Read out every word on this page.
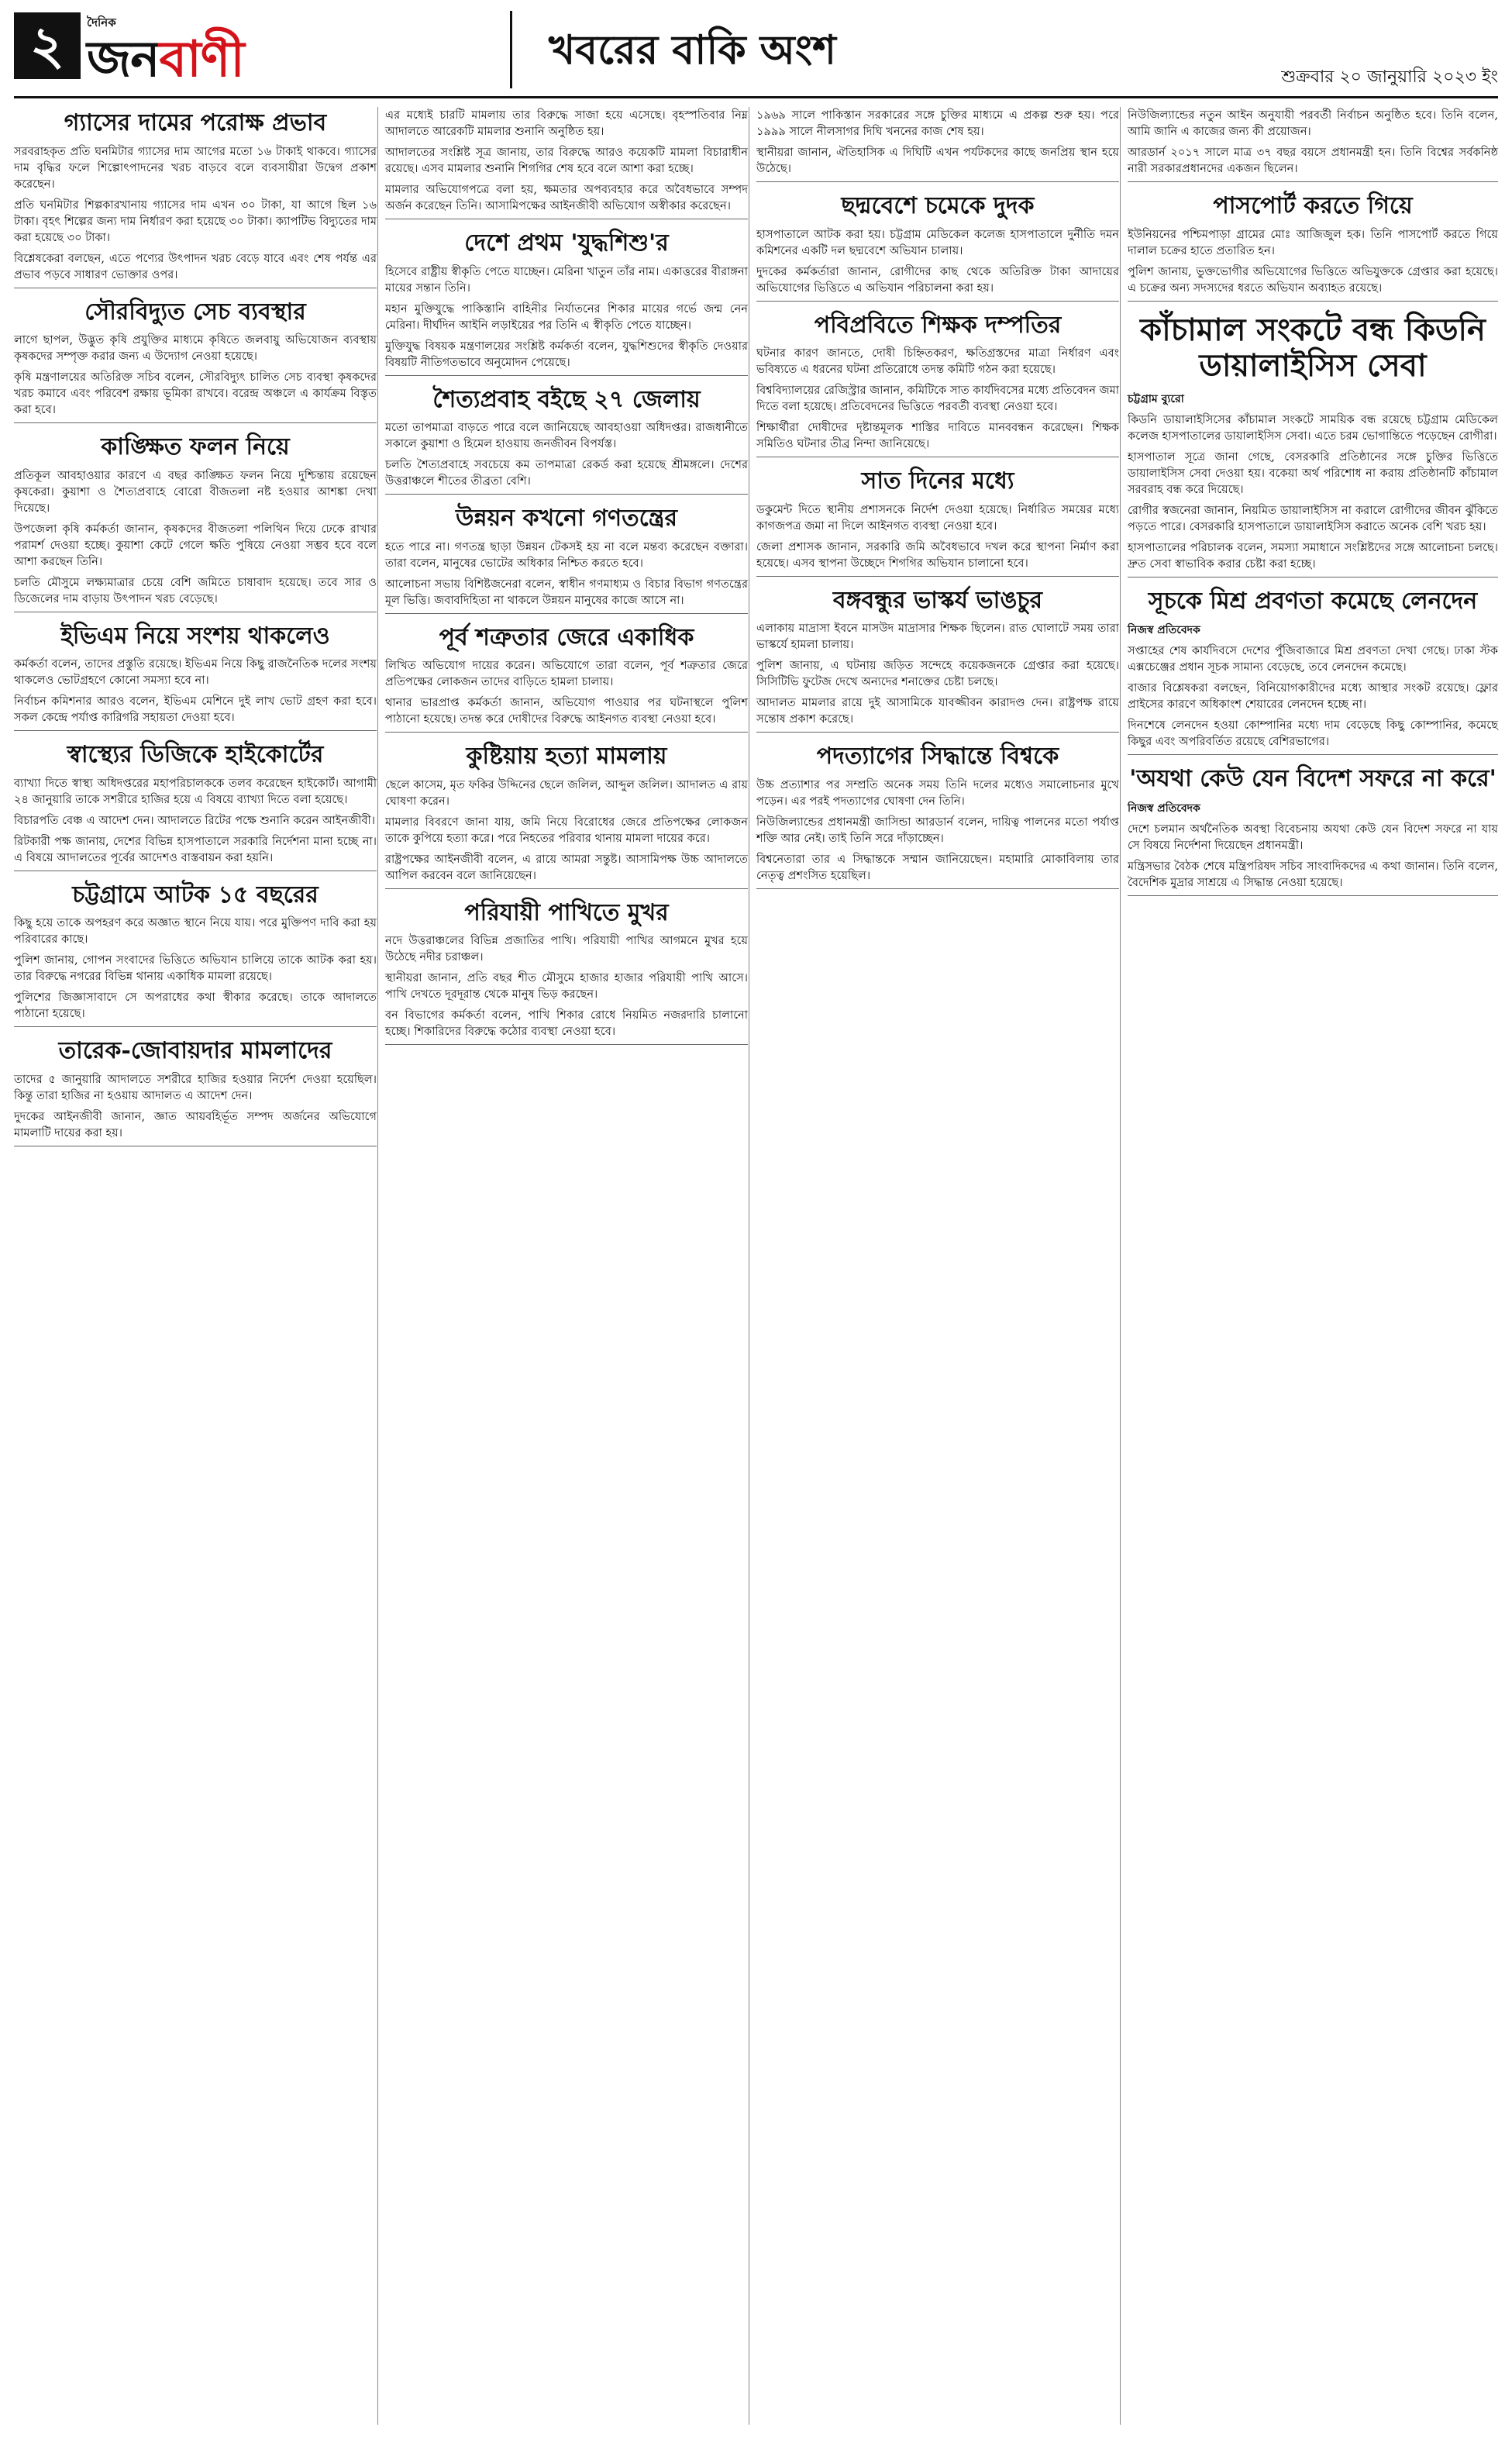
২	দৈনিক
জনবাণী	খবরের বাকি অংশ
শুক্রবার ২০ জানুয়ারি ২০২৩ ইং
গ্যাসের দামের পরোক্ষ প্রভাব

সরবরাহকৃত প্রতি ঘনমিটার গ্যাসের দাম আগের মতো ১৬ টাকাই থাকবে। গ্যাসের দাম বৃদ্ধির ফলে শিল্পোৎপাদনের খরচ বাড়বে বলে ব্যবসায়ীরা উদ্বেগ প্রকাশ করেছেন।

প্রতি ঘনমিটার শিল্পকারখানায় গ্যাসের দাম এখন ৩০ টাকা, যা আগে ছিল ১৬ টাকা। বৃহৎ শিল্পের জন্য দাম নির্ধারণ করা হয়েছে ৩০ টাকা। ক্যাপটিভ বিদ্যুতের দাম করা হয়েছে ৩০ টাকা।

বিশ্লেষকেরা বলছেন, এতে পণ্যের উৎপাদন খরচ বেড়ে যাবে এবং শেষ পর্যন্ত এর প্রভাব পড়বে সাধারণ ভোক্তার ওপর।

সৌরবিদ্যুত সেচ ব্যবস্থার

লাগে ছাপল, উদ্ভুত কৃষি প্রযুক্তির মাধ্যমে কৃষিতে জলবায়ু অভিযোজন ব্যবস্থায় কৃষকদের সম্পৃক্ত করার জন্য এ উদ্যোগ নেওয়া হয়েছে।

কৃষি মন্ত্রণালয়ের অতিরিক্ত সচিব বলেন, সৌরবিদ্যুৎ চালিত সেচ ব্যবস্থা কৃষকদের খরচ কমাবে এবং পরিবেশ রক্ষায় ভূমিকা রাখবে। বরেন্দ্র অঞ্চলে এ কার্যক্রম বিস্তৃত করা হবে।

কাঙ্ক্ষিত ফলন নিয়ে

প্রতিকূল আবহাওয়ার কারণে এ বছর কাঙ্ক্ষিত ফলন নিয়ে দুশ্চিন্তায় রয়েছেন কৃষকেরা। কুয়াশা ও শৈত্যপ্রবাহে বোরো বীজতলা নষ্ট হওয়ার আশঙ্কা দেখা দিয়েছে।

উপজেলা কৃষি কর্মকর্তা জানান, কৃষকদের বীজতলা পলিথিন দিয়ে ঢেকে রাখার পরামর্শ দেওয়া হচ্ছে। কুয়াশা কেটে গেলে ক্ষতি পুষিয়ে নেওয়া সম্ভব হবে বলে আশা করছেন তিনি।

চলতি মৌসুমে লক্ষ্যমাত্রার চেয়ে বেশি জমিতে চাষাবাদ হয়েছে। তবে সার ও ডিজেলের দাম বাড়ায় উৎপাদন খরচ বেড়েছে।

ইভিএম নিয়ে সংশয় থাকলেও

কর্মকর্তা বলেন, তাদের প্রস্তুতি রয়েছে। ইভিএম নিয়ে কিছু রাজনৈতিক দলের সংশয় থাকলেও ভোটগ্রহণে কোনো সমস্যা হবে না।

নির্বাচন কমিশনার আরও বলেন, ইভিএম মেশিনে দুই লাখ ভোট গ্রহণ করা হবে। সকল কেন্দ্রে পর্যাপ্ত কারিগরি সহায়তা দেওয়া হবে।

স্বাস্থ্যের ডিজিকে হাইকোর্টের

ব্যাখ্যা দিতে স্বাস্থ্য অধিদপ্তরের মহাপরিচালককে তলব করেছেন হাইকোর্ট। আগামী ২৪ জানুয়ারি তাকে সশরীরে হাজির হয়ে এ বিষয়ে ব্যাখ্যা দিতে বলা হয়েছে।

বিচারপতি বেঞ্চ এ আদেশ দেন। আদালতে রিটের পক্ষে শুনানি করেন আইনজীবী।

রিটকারী পক্ষ জানায়, দেশের বিভিন্ন হাসপাতালে সরকারি নির্দেশনা মানা হচ্ছে না। এ বিষয়ে আদালতের পূর্বের আদেশও বাস্তবায়ন করা হয়নি।

চট্টগ্রামে আটক ১৫ বছরের

কিছু হয়ে তাকে অপহরণ করে অজ্ঞাত স্থানে নিয়ে যায়। পরে মুক্তিপণ দাবি করা হয় পরিবারের কাছে।

পুলিশ জানায়, গোপন সংবাদের ভিত্তিতে অভিযান চালিয়ে তাকে আটক করা হয়। তার বিরুদ্ধে নগরের বিভিন্ন থানায় একাধিক মামলা রয়েছে।

পুলিশের জিজ্ঞাসাবাদে সে অপরাধের কথা স্বীকার করেছে। তাকে আদালতে পাঠানো হয়েছে।

তারেক-জোবায়দার মামলাদের

তাদের ৫ জানুয়ারি আদালতে সশরীরে হাজির হওয়ার নির্দেশ দেওয়া হয়েছিল। কিন্তু তারা হাজির না হওয়ায় আদালত এ আদেশ দেন।

দুদকের আইনজীবী জানান, জ্ঞাত আয়বহির্ভূত সম্পদ অর্জনের অভিযোগে মামলাটি দায়ের করা হয়।

এর মধ্যেই চারটি মামলায় তার বিরুদ্ধে সাজা হয়ে এসেছে। বৃহস্পতিবার নিম্ন আদালতে আরেকটি মামলার শুনানি অনুষ্ঠিত হয়।

আদালতের সংশ্লিষ্ট সূত্র জানায়, তার বিরুদ্ধে আরও কয়েকটি মামলা বিচারাধীন রয়েছে। এসব মামলার শুনানি শিগগির শেষ হবে বলে আশা করা হচ্ছে।

মামলার অভিযোগপত্রে বলা হয়, ক্ষমতার অপব্যবহার করে অবৈধভাবে সম্পদ অর্জন করেছেন তিনি। আসামিপক্ষের আইনজীবী অভিযোগ অস্বীকার করেছেন।

দেশে প্রথম 'যুদ্ধশিশু'র

হিসেবে রাষ্ট্রীয় স্বীকৃতি পেতে যাচ্ছেন। মেরিনা খাতুন তাঁর নাম। একাত্তরের বীরাঙ্গনা মায়ের সন্তান তিনি।

মহান মুক্তিযুদ্ধে পাকিস্তানি বাহিনীর নির্যাতনের শিকার মায়ের গর্ভে জন্ম নেন মেরিনা। দীর্ঘদিন আইনি লড়াইয়ের পর তিনি এ স্বীকৃতি পেতে যাচ্ছেন।

মুক্তিযুদ্ধ বিষয়ক মন্ত্রণালয়ের সংশ্লিষ্ট কর্মকর্তা বলেন, যুদ্ধশিশুদের স্বীকৃতি দেওয়ার বিষয়টি নীতিগতভাবে অনুমোদন পেয়েছে।

শৈত্যপ্রবাহ বইছে ২৭ জেলায়

মতো তাপমাত্রা বাড়তে পারে বলে জানিয়েছে আবহাওয়া অধিদপ্তর। রাজধানীতে সকালে কুয়াশা ও হিমেল হাওয়ায় জনজীবন বিপর্যস্ত।

চলতি শৈত্যপ্রবাহে সবচেয়ে কম তাপমাত্রা রেকর্ড করা হয়েছে শ্রীমঙ্গলে। দেশের উত্তরাঞ্চলে শীতের তীব্রতা বেশি।

উন্নয়ন কখনো গণতন্ত্রের

হতে পারে না। গণতন্ত্র ছাড়া উন্নয়ন টেকসই হয় না বলে মন্তব্য করেছেন বক্তারা। তারা বলেন, মানুষের ভোটের অধিকার নিশ্চিত করতে হবে।

আলোচনা সভায় বিশিষ্টজনেরা বলেন, স্বাধীন গণমাধ্যম ও বিচার বিভাগ গণতন্ত্রের মূল ভিত্তি। জবাবদিহিতা না থাকলে উন্নয়ন মানুষের কাজে আসে না।

পূর্ব শত্রুতার জেরে একাধিক

লিখিত অভিযোগ দায়ের করেন। অভিযোগে তারা বলেন, পূর্ব শত্রুতার জেরে প্রতিপক্ষের লোকজন তাদের বাড়িতে হামলা চালায়।

থানার ভারপ্রাপ্ত কর্মকর্তা জানান, অভিযোগ পাওয়ার পর ঘটনাস্থলে পুলিশ পাঠানো হয়েছে। তদন্ত করে দোষীদের বিরুদ্ধে আইনগত ব্যবস্থা নেওয়া হবে।

কুষ্টিয়ায় হত্যা মামলায়

ছেলে কাসেম, মৃত ফকির উদ্দিনের ছেলে জলিল, আব্দুল জলিল। আদালত এ রায় ঘোষণা করেন।

মামলার বিবরণে জানা যায়, জমি নিয়ে বিরোধের জেরে প্রতিপক্ষের লোকজন তাকে কুপিয়ে হত্যা করে। পরে নিহতের পরিবার থানায় মামলা দায়ের করে।

রাষ্ট্রপক্ষের আইনজীবী বলেন, এ রায়ে আমরা সন্তুষ্ট। আসামিপক্ষ উচ্চ আদালতে আপিল করবেন বলে জানিয়েছেন।

পরিযায়ী পাখিতে মুখর

নদে উত্তরাঞ্চলের বিভিন্ন প্রজাতির পাখি। পরিযায়ী পাখির আগমনে মুখর হয়ে উঠেছে নদীর চরাঞ্চল।

স্থানীয়রা জানান, প্রতি বছর শীত মৌসুমে হাজার হাজার পরিযায়ী পাখি আসে। পাখি দেখতে দূরদূরান্ত থেকে মানুষ ভিড় করছেন।

বন বিভাগের কর্মকর্তা বলেন, পাখি শিকার রোধে নিয়মিত নজরদারি চালানো হচ্ছে। শিকারিদের বিরুদ্ধে কঠোর ব্যবস্থা নেওয়া হবে।

১৯৬৯ সালে পাকিস্তান সরকারের সঙ্গে চুক্তির মাধ্যমে এ প্রকল্প শুরু হয়। পরে ১৯৯৯ সালে নীলসাগর দিঘি খননের কাজ শেষ হয়।

স্থানীয়রা জানান, ঐতিহাসিক এ দিঘিটি এখন পর্যটকদের কাছে জনপ্রিয় স্থান হয়ে উঠেছে।

ছদ্মবেশে চমেকে দুদক

হাসপাতালে আটক করা হয়। চট্টগ্রাম মেডিকেল কলেজ হাসপাতালে দুর্নীতি দমন কমিশনের একটি দল ছদ্মবেশে অভিযান চালায়।

দুদকের কর্মকর্তারা জানান, রোগীদের কাছ থেকে অতিরিক্ত টাকা আদায়ের অভিযোগের ভিত্তিতে এ অভিযান পরিচালনা করা হয়।

পবিপ্রবিতে শিক্ষক দম্পতির

ঘটনার কারণ জানতে, দোষী চিহ্নিতকরণ, ক্ষতিগ্রস্তদের মাত্রা নির্ধারণ এবং ভবিষ্যতে এ ধরনের ঘটনা প্রতিরোধে তদন্ত কমিটি গঠন করা হয়েছে।

বিশ্ববিদ্যালয়ের রেজিস্ট্রার জানান, কমিটিকে সাত কার্যদিবসের মধ্যে প্রতিবেদন জমা দিতে বলা হয়েছে। প্রতিবেদনের ভিত্তিতে পরবর্তী ব্যবস্থা নেওয়া হবে।

শিক্ষার্থীরা দোষীদের দৃষ্টান্তমূলক শাস্তির দাবিতে মানববন্ধন করেছেন। শিক্ষক সমিতিও ঘটনার তীব্র নিন্দা জানিয়েছে।

সাত দিনের মধ্যে

ডকুমেন্ট দিতে স্থানীয় প্রশাসনকে নির্দেশ দেওয়া হয়েছে। নির্ধারিত সময়ের মধ্যে কাগজপত্র জমা না দিলে আইনগত ব্যবস্থা নেওয়া হবে।

জেলা প্রশাসক জানান, সরকারি জমি অবৈধভাবে দখল করে স্থাপনা নির্মাণ করা হয়েছে। এসব স্থাপনা উচ্ছেদে শিগগির অভিযান চালানো হবে।

বঙ্গবন্ধুর ভাস্কর্য ভাঙচুর

এলাকায় মাদ্রাসা ইবনে মাসউদ মাদ্রাসার শিক্ষক ছিলেন। রাত ঘোলাটে সময় তারা ভাস্কর্যে হামলা চালায়।

পুলিশ জানায়, এ ঘটনায় জড়িত সন্দেহে কয়েকজনকে গ্রেপ্তার করা হয়েছে। সিসিটিভি ফুটেজ দেখে অন্যদের শনাক্তের চেষ্টা চলছে।

আদালত মামলার রায়ে দুই আসামিকে যাবজ্জীবন কারাদণ্ড দেন। রাষ্ট্রপক্ষ রায়ে সন্তোষ প্রকাশ করেছে।

পদত্যাগের সিদ্ধান্তে বিশ্বকে

উচ্চ প্রত্যাশার পর সম্প্রতি অনেক সময় তিনি দলের মধ্যেও সমালোচনার মুখে পড়েন। এর পরই পদত্যাগের ঘোষণা দেন তিনি।

নিউজিল্যান্ডের প্রধানমন্ত্রী জাসিন্ডা আরডার্ন বলেন, দায়িত্ব পালনের মতো পর্যাপ্ত শক্তি আর নেই। তাই তিনি সরে দাঁড়াচ্ছেন।

বিশ্বনেতারা তার এ সিদ্ধান্তকে সম্মান জানিয়েছেন। মহামারি মোকাবিলায় তার নেতৃত্ব প্রশংসিত হয়েছিল।

নিউজিল্যান্ডের নতুন আইন অনুযায়ী পরবর্তী নির্বাচন অনুষ্ঠিত হবে। তিনি বলেন, আমি জানি এ কাজের জন্য কী প্রয়োজন।

আরডার্ন ২০১৭ সালে মাত্র ৩৭ বছর বয়সে প্রধানমন্ত্রী হন। তিনি বিশ্বের সর্বকনিষ্ঠ নারী সরকারপ্রধানদের একজন ছিলেন।

পাসপোর্ট করতে গিয়ে

ইউনিয়নের পশ্চিমপাড়া গ্রামের মোঃ আজিজুল হক। তিনি পাসপোর্ট করতে গিয়ে দালাল চক্রের হাতে প্রতারিত হন।

পুলিশ জানায়, ভুক্তভোগীর অভিযোগের ভিত্তিতে অভিযুক্তকে গ্রেপ্তার করা হয়েছে। এ চক্রের অন্য সদস্যদের ধরতে অভিযান অব্যাহত রয়েছে।

কাঁচামাল সংকটে বন্ধ কিডনি ডায়ালাইসিস সেবা
চট্টগ্রাম ব্যুরো

কিডনি ডায়ালাইসিসের কাঁচামাল সংকটে সাময়িক বন্ধ রয়েছে চট্টগ্রাম মেডিকেল কলেজ হাসপাতালের ডায়ালাইসিস সেবা। এতে চরম ভোগান্তিতে পড়েছেন রোগীরা।

হাসপাতাল সূত্রে জানা গেছে, বেসরকারি প্রতিষ্ঠানের সঙ্গে চুক্তির ভিত্তিতে ডায়ালাইসিস সেবা দেওয়া হয়। বকেয়া অর্থ পরিশোধ না করায় প্রতিষ্ঠানটি কাঁচামাল সরবরাহ বন্ধ করে দিয়েছে।

রোগীর স্বজনেরা জানান, নিয়মিত ডায়ালাইসিস না করালে রোগীদের জীবন ঝুঁকিতে পড়তে পারে। বেসরকারি হাসপাতালে ডায়ালাইসিস করাতে অনেক বেশি খরচ হয়।

হাসপাতালের পরিচালক বলেন, সমস্যা সমাধানে সংশ্লিষ্টদের সঙ্গে আলোচনা চলছে। দ্রুত সেবা স্বাভাবিক করার চেষ্টা করা হচ্ছে।

সূচকে মিশ্র প্রবণতা কমেছে লেনদেন
নিজস্ব প্রতিবেদক

সপ্তাহের শেষ কার্যদিবসে দেশের পুঁজিবাজারে মিশ্র প্রবণতা দেখা গেছে। ঢাকা স্টক এক্সচেঞ্জের প্রধান সূচক সামান্য বেড়েছে, তবে লেনদেন কমেছে।

বাজার বিশ্লেষকরা বলছেন, বিনিয়োগকারীদের মধ্যে আস্থার সংকট রয়েছে। ফ্লোর প্রাইসের কারণে অধিকাংশ শেয়ারের লেনদেন হচ্ছে না।

দিনশেষে লেনদেন হওয়া কোম্পানির মধ্যে দাম বেড়েছে কিছু কোম্পানির, কমেছে কিছুর এবং অপরিবর্তিত রয়েছে বেশিরভাগের।

'অযথা কেউ যেন বিদেশ সফরে না করে'
নিজস্ব প্রতিবেদক

দেশে চলমান অর্থনৈতিক অবস্থা বিবেচনায় অযথা কেউ যেন বিদেশ সফরে না যায় সে বিষয়ে নির্দেশনা দিয়েছেন প্রধানমন্ত্রী।

মন্ত্রিসভার বৈঠক শেষে মন্ত্রিপরিষদ সচিব সাংবাদিকদের এ কথা জানান। তিনি বলেন, বৈদেশিক মুদ্রার সাশ্রয়ে এ সিদ্ধান্ত নেওয়া হয়েছে।
